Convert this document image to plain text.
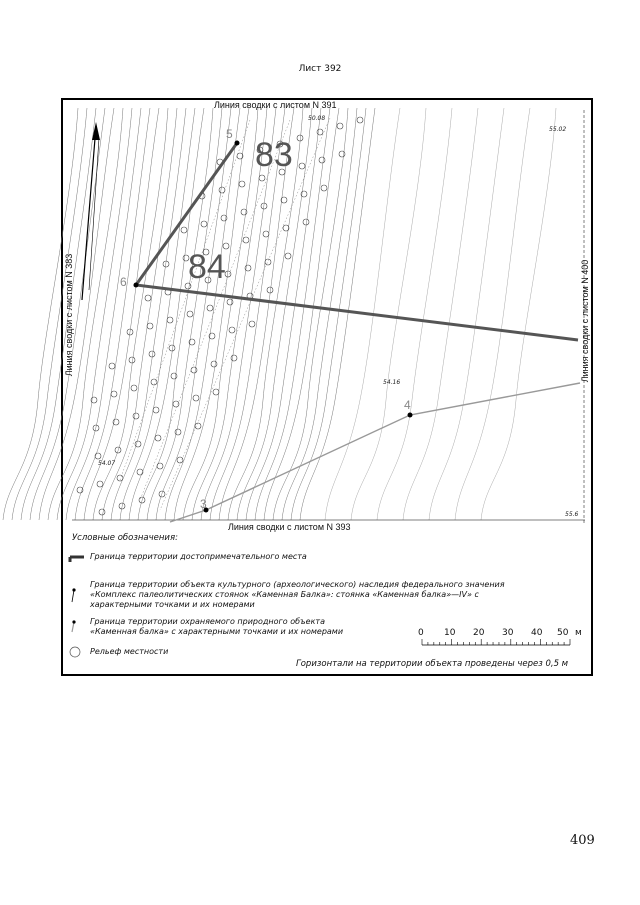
Лист 392
5
6
4
3
83
84
50.08
55.02
54.16
54.07
55.6
Линия сводки с листом N 391
Линия сводки с листом N 393
Линия сводки с листом N 383	Линия сводки с листом N 400
Условные обозначения:
Граница территории достопримечательного места
Граница территории объекта культурного (археологического) наследия федерального значения
«Комплекс палеолитических стоянок «Каменная Балка»: стоянка «Каменная балка»—IV» с
характерными точками и их номерами
Граница территории охраняемого природного объекта
«Каменная балка» с характерными точками и их номерами
Рельеф местности
0 10 20 30 40 50 м
Горизонтали на территории объекта проведены через 0,5 м
409
